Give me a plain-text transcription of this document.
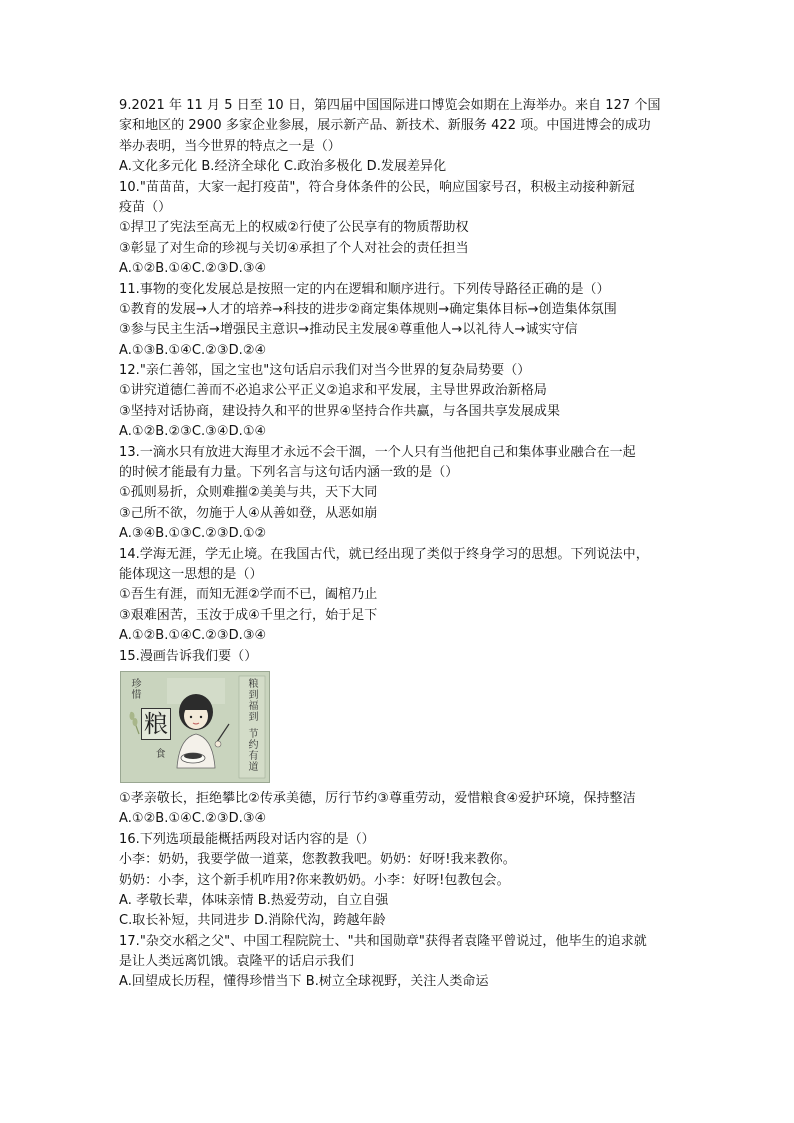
9.2021 年 11 月 5 日至 10 日，第四届中国国际进口博览会如期在上海举办。来自 127 个国
家和地区的 2900 多家企业参展，展示新产品、新技术、新服务 422 项。中国进博会的成功
举办表明，当今世界的特点之一是（）
A.文化多元化 B.经济全球化 C.政治多极化 D.发展差异化
10."苗苗苗，大家一起打疫苗"，符合身体条件的公民，响应国家号召，积极主动接种新冠
疫苗（）
①捍卫了宪法至高无上的权威②行使了公民享有的物质帮助权
③彰显了对生命的珍视与关切④承担了个人对社会的责任担当
A.①②B.①④C.②③D.③④
11.事物的变化发展总是按照一定的内在逻辑和顺序进行。下列传导路径正确的是（）
①教育的发展→人才的培养→科技的进步②商定集体规则→确定集体目标→创造集体氛围
③参与民主生活→增强民主意识→推动民主发展④尊重他人→以礼待人→诚实守信
A.①③B.①④C.②③D.②④
12."亲仁善邻，国之宝也"这句话启示我们对当今世界的复杂局势要（）
①讲究道德仁善而不必追求公平正义②追求和平发展，主导世界政治新格局
③坚持对话协商，建设持久和平的世界④坚持合作共赢，与各国共享发展成果
A.①②B.②③C.③④D.①④
13.一滴水只有放进大海里才永远不会干涸，一个人只有当他把自己和集体事业融合在一起
的时候才能最有力量。下列名言与这句话内涵一致的是（）
①孤则易折，众则难摧②美美与共，天下大同
③己所不欲，勿施于人④从善如登，从恶如崩
A.③④B.①③C.②③D.①②
14.学海无涯，学无止境。在我国古代，就已经出现了类似于终身学习的思想。下列说法中，
能体现这一思想的是（）
①吾生有涯，而知无涯②学而不已，阖棺乃止
③艰难困苦，玉汝于成④千里之行，始于足下
A.①②B.①④C.②③D.③④
15.漫画告诉我们要（）
珍惜
粮
食
粮到福到
节约有道
①孝亲敬长，拒绝攀比②传承美德，厉行节约③尊重劳动，爱惜粮食④爱护环境，保持整洁
A.①②B.①④C.②③D.③④
16.下列选项最能概括两段对话内容的是（）
小李：奶奶，我要学做一道菜，您教教我吧。奶奶：好呀!我来教你。
奶奶：小李，这个新手机咋用?你来教奶奶。小李：好呀!包教包会。
A. 孝敬长辈，体味亲情 B.热爱劳动，自立自强
C.取长补短，共同进步 D.消除代沟，跨越年龄
17."杂交水稻之父"、中国工程院院士、"共和国勋章"获得者袁隆平曾说过，他毕生的追求就
是让人类远离饥饿。袁隆平的话启示我们
A.回望成长历程，懂得珍惜当下 B.树立全球视野，关注人类命运
